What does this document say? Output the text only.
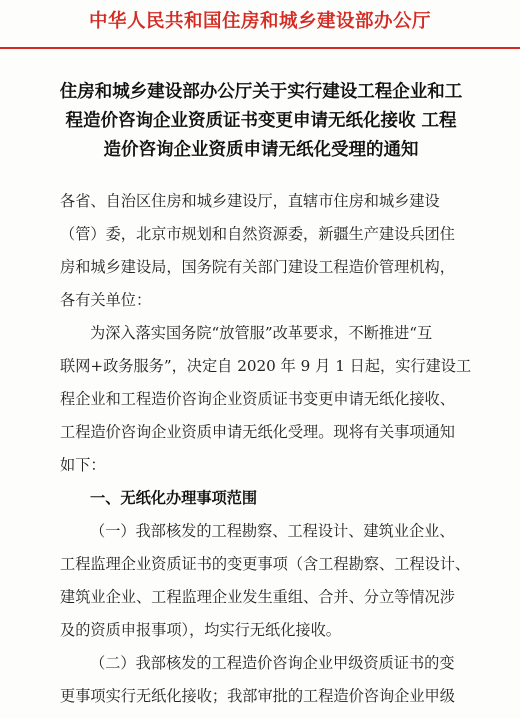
中华人民共和国住房和城乡建设部办公厅
住房和城乡建设部办公厅关于实行建设工程企业和工
程造价咨询企业资质证书变更申请无纸化接收 工程
造价咨询企业资质申请无纸化受理的通知
各省、自治区住房和城乡建设厅，直辖市住房和城乡建设
（管）委，北京市规划和自然资源委，新疆生产建设兵团住
房和城乡建设局，国务院有关部门建设工程造价管理机构，
各有关单位：
为深入落实国务院“放管服”改革要求，不断推进“互
联网+政务服务”，决定自 2020 年 9 月 1 日起，实行建设工
程企业和工程造价咨询企业资质证书变更申请无纸化接收、
工程造价咨询企业资质申请无纸化受理。现将有关事项通知
如下：
一、无纸化办理事项范围
（一）我部核发的工程勘察、工程设计、建筑业企业、
工程监理企业资质证书的变更事项（含工程勘察、工程设计、
建筑业企业、工程监理企业发生重组、合并、分立等情况涉
及的资质申报事项），均实行无纸化接收。
（二）我部核发的工程造价咨询企业甲级资质证书的变
更事项实行无纸化接收；我部审批的工程造价咨询企业甲级
